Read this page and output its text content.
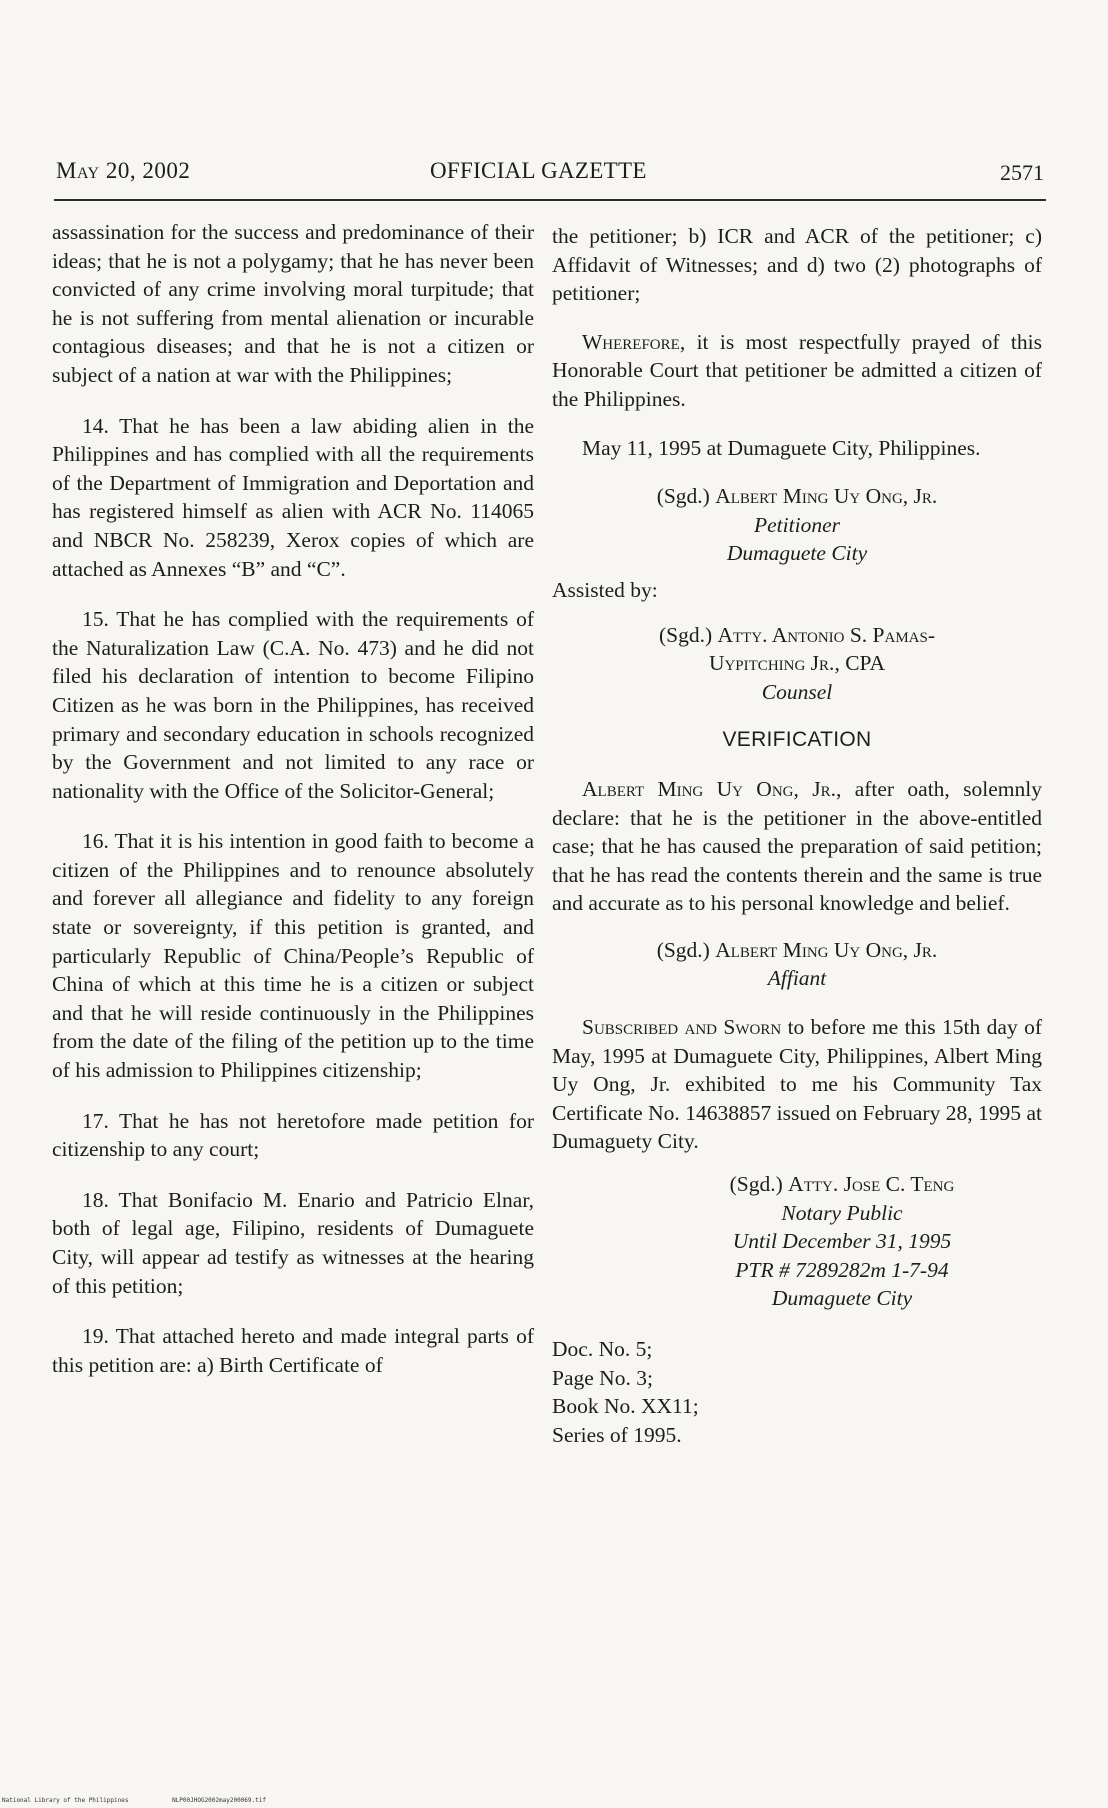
May 20, 2002	OFFICIAL GAZETTE	2571

assassination for the success and predominance of their ideas; that he is not a polygamy; that he has never been convicted of any crime involving moral turpitude; that he is not suffering from mental alienation or incurable contagious diseases; and that he is not a citizen or subject of a nation at war with the Philippines;

14. That he has been a law abiding alien in the Philippines and has complied with all the requirements of the Department of Immigration and Deportation and has registered himself as alien with ACR No. 114065 and NBCR No. 258239, Xerox copies of which are attached as Annexes “B” and “C”.

15. That he has complied with the requirements of the Naturalization Law (C.A. No. 473) and he did not filed his declaration of intention to become Filipino Citizen as he was born in the Philippines, has received primary and secondary education in schools recognized by the Government and not limited to any race or nationality with the Office of the Solicitor-General;

16. That it is his intention in good faith to become a citizen of the Philippines and to renounce absolutely and forever all allegiance and fidelity to any foreign state or sovereignty, if this petition is granted, and particularly Republic of China/People’s Republic of China of which at this time he is a citizen or subject and that he will reside continuously in the Philippines from the date of the filing of the petition up to the time of his admission to Philippines citizenship;

17. That he has not heretofore made petition for citizenship to any court;

18. That Bonifacio M. Enario and Patricio Elnar, both of legal age, Filipino, residents of Dumaguete City, will appear ad testify as witnesses at the hearing of this petition;

19. That attached hereto and made integral parts of this petition are: a) Birth Certificate of

the petitioner; b) ICR and ACR of the petitioner; c) Affidavit of Witnesses; and d) two (2) photographs of petitioner;

Wherefore, it is most respectfully prayed of this Honorable Court that petitioner be admitted a citizen of the Philippines.

May 11, 1995 at Dumaguete City, Philippines.

(Sgd.) Albert Ming Uy Ong, Jr.

Petitioner

Dumaguete City

Assisted by:

(Sgd.) Atty. Antonio S. Pamas-

Uypitching Jr., CPA

Counsel

VERIFICATION

Albert Ming Uy Ong, Jr., after oath, solemnly declare: that he is the petitioner in the above-entitled case; that he has caused the preparation of said petition; that he has read the contents therein and the same is true and accurate as to his personal knowledge and belief.

(Sgd.) Albert Ming Uy Ong, Jr.

Affiant

Subscribed and Sworn to before me this 15th day of May, 1995 at Dumaguete City, Philippines, Albert Ming Uy Ong, Jr. exhibited to me his Community Tax Certificate No. 14638857 issued on February 28, 1995 at Dumaguety City.

(Sgd.) Atty. Jose C. Teng

Notary Public

Until December 31, 1995

PTR # 7289282m 1-7-94

Dumaguete City

Doc. No. 5;

Page No. 3;

Book No. XX11;

Series of 1995.

National Library of the Philippines	NLP00JHOG2002may200069.tif
